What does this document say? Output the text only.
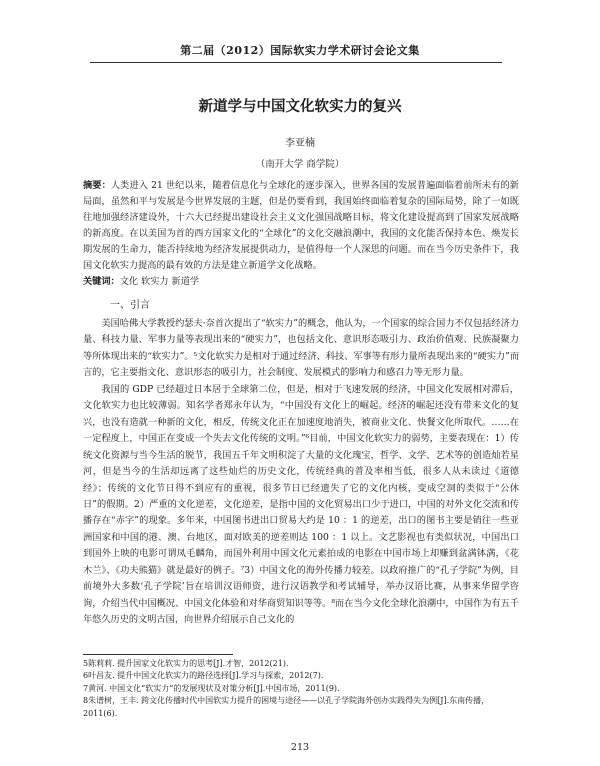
第二届（2012）国际软实力学术研讨会论文集
新道学与中国文化软实力的复兴
李亚楠
（南开大学 商学院）
摘要：人类进入 21 世纪以来，随着信息化与全球化的逐步深入，世界各国的发展普遍面临着前所未有的新局面，虽然和平与发展是今世界发展的主题，但是仍要看到，我国始终面临着复杂的国际局势，除了一如既往地加强经济建设外，十六大已经提出建设社会主义文化强国战略目标，将文化建设提高到了国家发展战略的新高度。在以美国为首的西方国家文化的“全球化”的文化交融浪潮中，我国的文化能否保持本色、焕发长期发展的生命力，能否持续地为经济发展提供动力，是值得每一个人深思的问题。而在当今历史条件下，我国文化软实力提高的最有效的方法是建立新道学文化战略。
关键词：文化 软实力 新道学
一、引言

美国哈佛大学教授约瑟夫·奈首次提出了“软实力”的概念，他认为，一个国家的综合国力不仅包括经济力量、科技力量、军事力量等表现出来的“硬实力”，也包括文化、意识形态吸引力、政治价值观、民族凝聚力等所体现出来的“软实力”。⁵文化软实力是相对于通过经济、科技、军事等有形力量所表现出来的“硬实力”而言的，它主要指文化、意识形态的吸引力，社会制度、发展模式的影响力和感召力等无形力量。

我国的 GDP 已经超过日本居于全球第二位，但是，相对于飞速发展的经济，中国文化发展相对滞后，文化软实力也比较薄弱。知名学者郑永年认为，“中国没有文化上的崛起。经济的崛起还没有带来文化的复兴，也没有造就一种新的文化，相反，传统文化正在加速度地消失，被商业文化、快餐文化所取代。……在一定程度上，中国正在变成一个失去文化传统的文明。”⁶目前，中国文化软实力的弱势，主要表现在：1）传统文化资源与当今生活的脱节，我国五千年文明积淀了大量的文化瑰宝，哲学、文学、艺术等的创造灿若星河，但是当今的生活却远离了这些灿烂的历史文化，传统经典的普及率相当低，很多人从未读过《道德经》；传统的文化节日得不到应有的重视，很多节日已经遗失了它的文化内核，变成空洞的类似于“公休日”的假期。2）严重的文化逆差，文化逆差，是指中国的文化贸易出口少于进口，中国的对外文化交流和传播存在“赤字”的现象。多年来，中国图书进出口贸易大约是 10 ：1 的逆差，出口的图书主要是销往一些亚洲国家和中国的港、澳、台地区，面对欧美的逆差则达 100 ：1 以上。文艺影视也有类似状况，中国出口到国外上映的电影可谓凤毛麟角，而国外利用中国文化元素拍成的电影在中国市场上却赚到盆满钵满，《花木兰》、《功夫熊猫》就是最好的例子。⁷3）中国文化的海外传播力较差。以政府推广的“孔子学院”为例，目前境外大多数‘孔子学院’旨在培训汉语师资，进行汉语教学和考试辅导，举办汉语比赛，从事来华留学咨询，介绍当代中国概况、中国文化体验和对华商贸知识等等。⁸而在当今文化全球化浪潮中，中国作为有五千年悠久历史的文明古国，向世界介绍展示自己文化的

5陈莉莉. 提升国家文化软实力的思考[J].才智，2012(21).
6叶昌友. 提升中国文化软实力的路径选择[J].学习与探索，2012(7).
7黄河. 中国文化“软实力”的发展现状及对策分析[J].中国市场，2011(9).
8朱谱树，王丰. 跨文化传播时代中国软实力提升的困境与途径——以孔子学院海外创办实践得失为例[J].东南传播，2011(6).
213
